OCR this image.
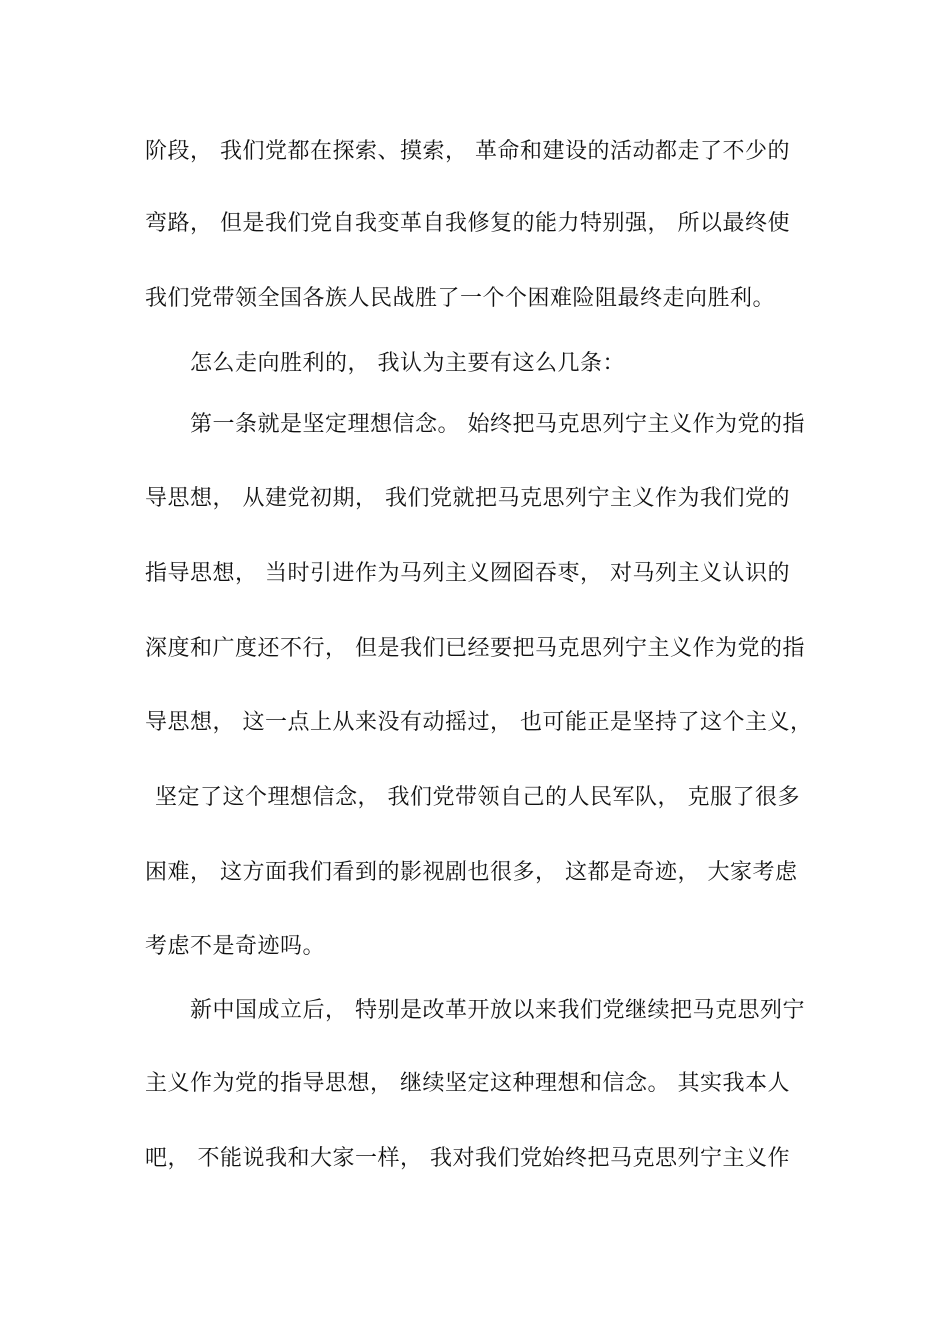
阶段， 我们党都在探索、摸索， 革命和建设的活动都走了不少的
弯路， 但是我们党自我变革自我修复的能力特别强， 所以最终使
我们党带领全国各族人民战胜了一个个困难险阻最终走向胜利。
怎么走向胜利的， 我认为主要有这么几条：
第一条就是坚定理想信念。 始终把马克思列宁主义作为党的指
导思想， 从建党初期， 我们党就把马克思列宁主义作为我们党的
指导思想， 当时引进作为马列主义囫囵吞枣， 对马列主义认识的
深度和广度还不行， 但是我们已经要把马克思列宁主义作为党的指
导思想， 这一点上从来没有动摇过， 也可能正是坚持了这个主义，
坚定了这个理想信念， 我们党带领自己的人民军队， 克服了很多
困难， 这方面我们看到的影视剧也很多， 这都是奇迹， 大家考虑
考虑不是奇迹吗。
新中国成立后， 特别是改革开放以来我们党继续把马克思列宁
主义作为党的指导思想， 继续坚定这种理想和信念。 其实我本人
吧， 不能说我和大家一样， 我对我们党始终把马克思列宁主义作
